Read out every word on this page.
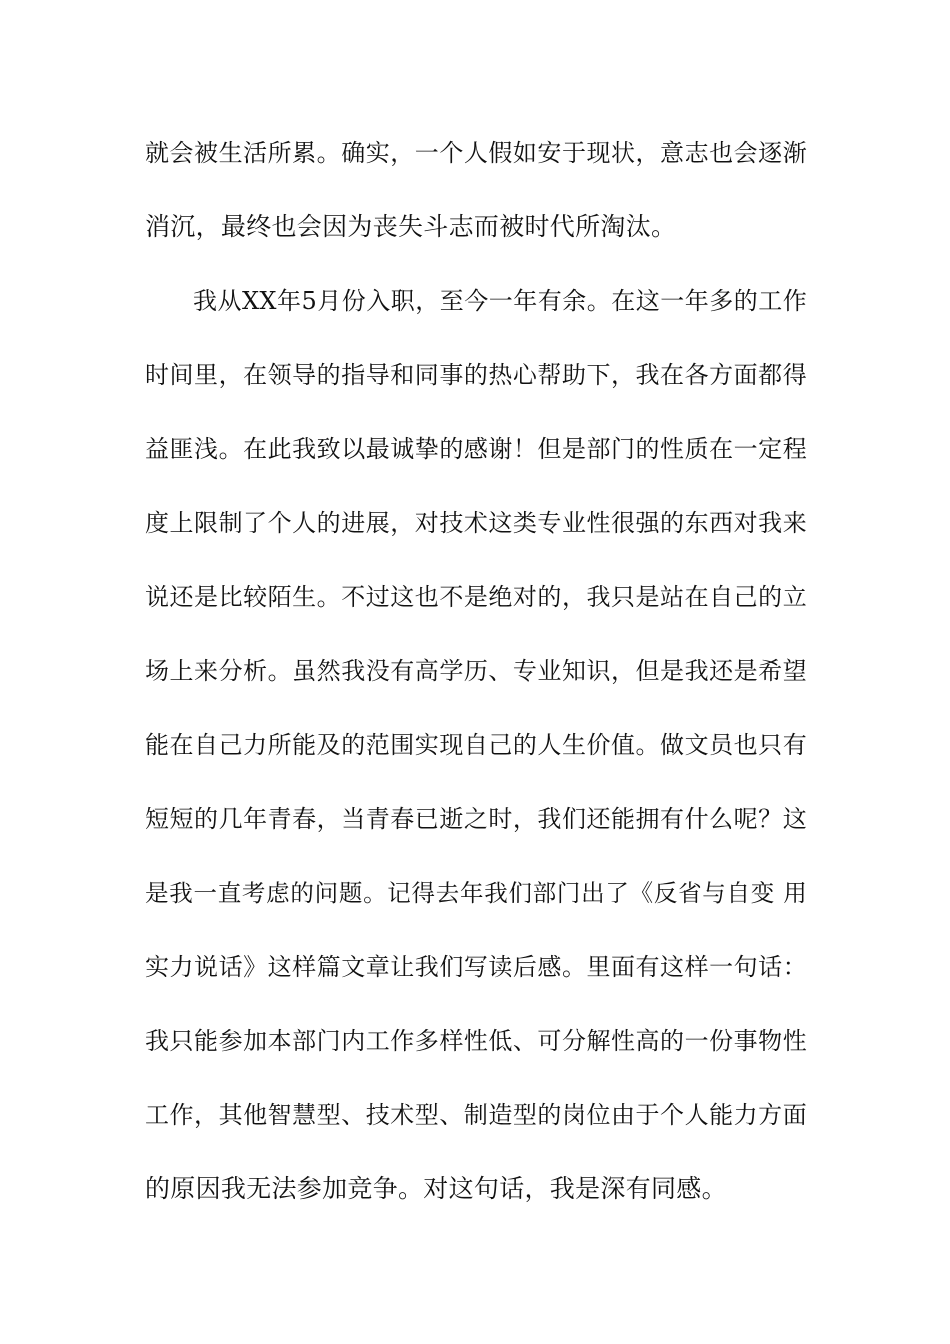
就会被生活所累。确实，一个人假如安于现状，意志也会逐渐
消沉，最终也会因为丧失斗志而被时代所淘汰。
我从XX年5月份入职，至今一年有余。在这一年多的工作
时间里，在领导的指导和同事的热心帮助下，我在各方面都得
益匪浅。在此我致以最诚挚的感谢！但是部门的性质在一定程
度上限制了个人的进展，对技术这类专业性很强的东西对我来
说还是比较陌生。不过这也不是绝对的，我只是站在自己的立
场上来分析。虽然我没有高学历、专业知识，但是我还是希望
能在自己力所能及的范围实现自己的人生价值。做文员也只有
短短的几年青春，当青春已逝之时，我们还能拥有什么呢？这
是我一直考虑的问题。记得去年我们部门出了《反省与自变 用
实力说话》这样篇文章让我们写读后感。里面有这样一句话：
我只能参加本部门内工作多样性低、可分解性高的一份事物性
工作，其他智慧型、技术型、制造型的岗位由于个人能力方面
的原因我无法参加竞争。对这句话，我是深有同感。
